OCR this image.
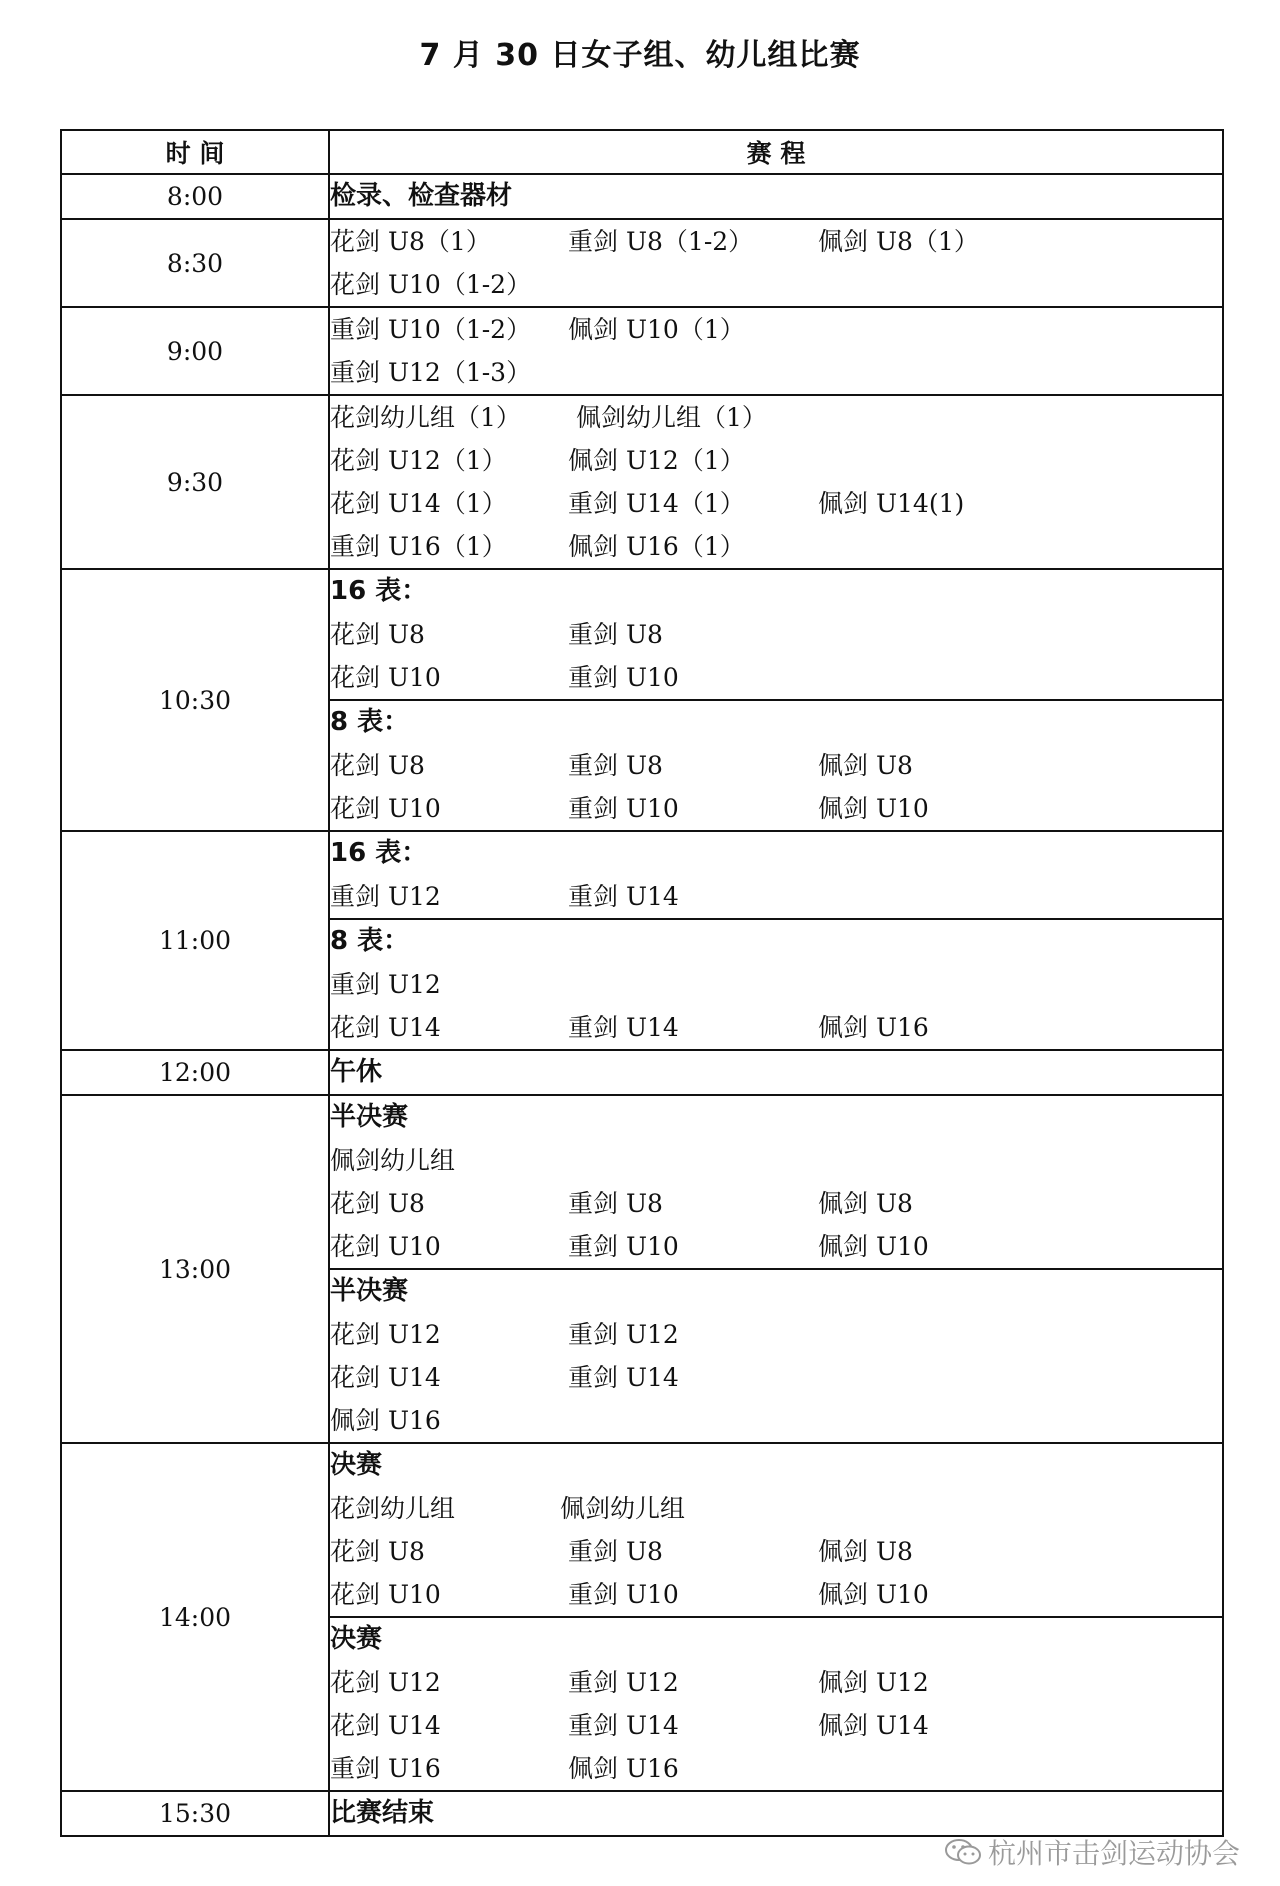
7 月 30 日女子组、幼儿组比赛
时 间	赛 程
8:00	检录、检查器材

8:30	花剑 U8（1） 重剑 U8（1-2） 佩剑 U8（1）
花剑 U10（1-2）

9:00	重剑 U10（1-2） 佩剑 U10（1）
重剑 U12（1-3）

9:30	花剑幼儿组（1） 佩剑幼儿组（1）
花剑 U12（1） 佩剑 U12（1）
花剑 U14（1） 重剑 U14（1） 佩剑 U14(1)
重剑 U16（1） 佩剑 U16（1）

10:30	16 表：
花剑 U8 重剑 U8
花剑 U10 重剑 U10

	8 表：
花剑 U8 重剑 U8 佩剑 U8
花剑 U10 重剑 U10 佩剑 U10

11:00	16 表：
重剑 U12 重剑 U14

	8 表：
重剑 U12
花剑 U14 重剑 U14 佩剑 U16

12:00	午休

13:00	半决赛
佩剑幼儿组
花剑 U8 重剑 U8 佩剑 U8
花剑 U10 重剑 U10 佩剑 U10

	半决赛
花剑 U12 重剑 U12
花剑 U14 重剑 U14
佩剑 U16

14:00	决赛
花剑幼儿组 佩剑幼儿组
花剑 U8 重剑 U8 佩剑 U8
花剑 U10 重剑 U10 佩剑 U10

	决赛
花剑 U12 重剑 U12 佩剑 U12
花剑 U14 重剑 U14 佩剑 U14
重剑 U16 佩剑 U16

15:30	比赛结束
杭州市击剑运动协会
